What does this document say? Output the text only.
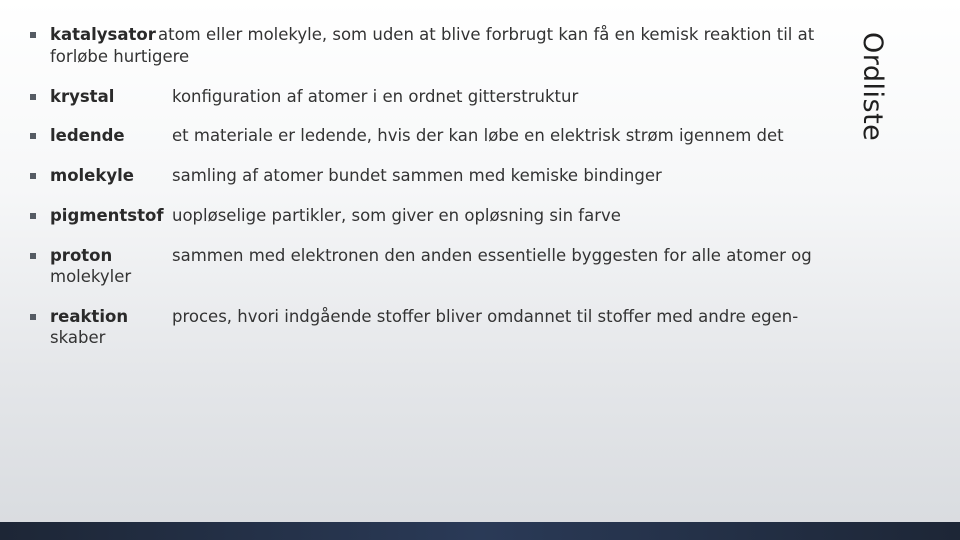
Ordliste
katalysator atom eller molekyle, som uden at blive forbrugt kan få en kemisk reaktion til at
forløbe hurtigere
krystal	konfiguration af atomer i en ordnet gitterstruktur
ledende	et materiale er ledende, hvis der kan løbe en elektrisk strøm igennem det
molekyle samling af atomer bundet sammen med kemiske bindinger
pigmentstof uopløselige partikler, som giver en opløsning sin farve
proton	sammen med elektronen den anden essentielle byggesten for alle atomer og
molekyler
reaktion	proces, hvori indgående stoffer bliver omdannet til stoffer med andre egen-
skaber
